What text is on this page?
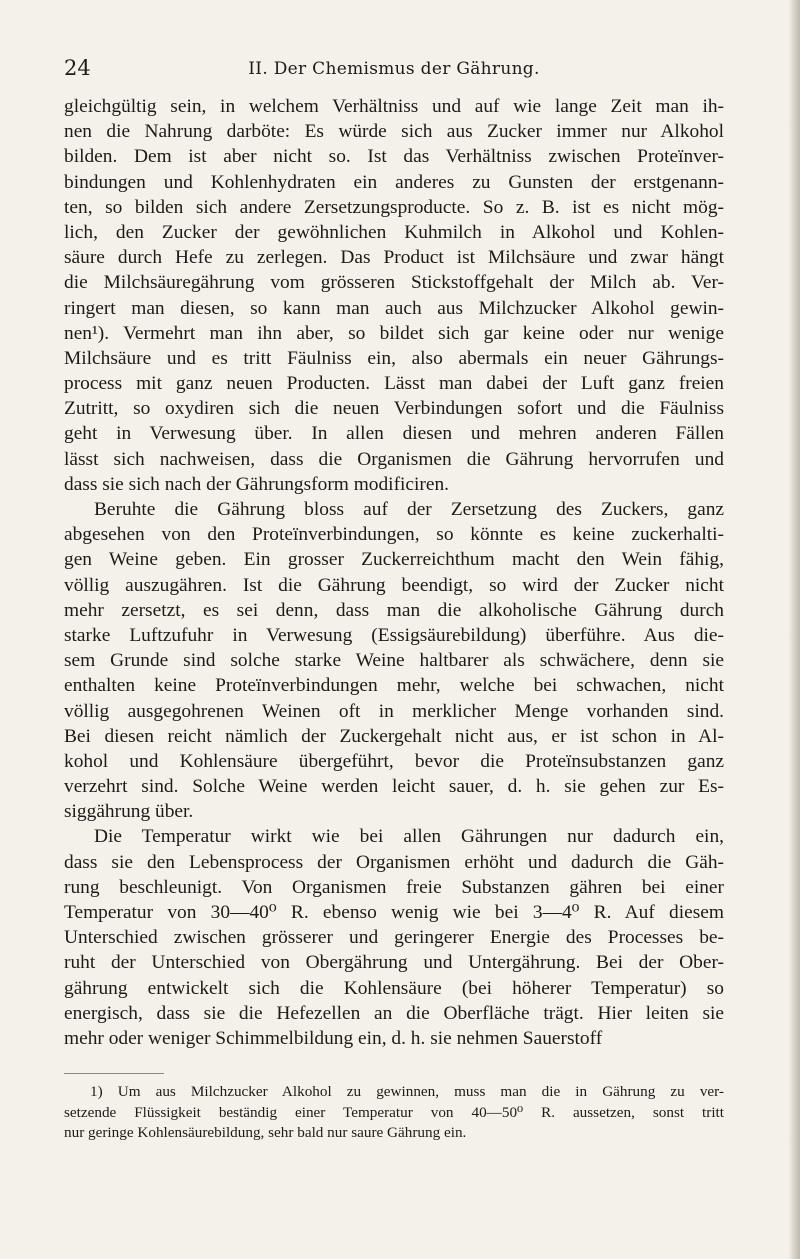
24	II. Der Chemismus der Gährung.
gleichgültig sein, in welchem Verhältniss und auf wie lange Zeit man ih-
nen die Nahrung darböte: Es würde sich aus Zucker immer nur Alkohol
bilden. Dem ist aber nicht so. Ist das Verhältniss zwischen Proteïnver-
bindungen und Kohlenhydraten ein anderes zu Gunsten der erstgenann-
ten, so bilden sich andere Zersetzungsproducte. So z. B. ist es nicht mög-
lich, den Zucker der gewöhnlichen Kuhmilch in Alkohol und Kohlen-
säure durch Hefe zu zerlegen. Das Product ist Milchsäure und zwar hängt
die Milchsäuregährung vom grösseren Stickstoffgehalt der Milch ab. Ver-
ringert man diesen, so kann man auch aus Milchzucker Alkohol gewin-
nen¹). Vermehrt man ihn aber, so bildet sich gar keine oder nur wenige
Milchsäure und es tritt Fäulniss ein, also abermals ein neuer Gährungs-
process mit ganz neuen Producten. Lässt man dabei der Luft ganz freien
Zutritt, so oxydiren sich die neuen Verbindungen sofort und die Fäulniss
geht in Verwesung über. In allen diesen und mehren anderen Fällen
lässt sich nachweisen, dass die Organismen die Gährung hervorrufen und
dass sie sich nach der Gährungsform modificiren.
Beruhte die Gährung bloss auf der Zersetzung des Zuckers, ganz
abgesehen von den Proteïnverbindungen, so könnte es keine zuckerhalti-
gen Weine geben. Ein grosser Zuckerreichthum macht den Wein fähig,
völlig auszugähren. Ist die Gährung beendigt, so wird der Zucker nicht
mehr zersetzt, es sei denn, dass man die alkoholische Gährung durch
starke Luftzufuhr in Verwesung (Essigsäurebildung) überführe. Aus die-
sem Grunde sind solche starke Weine haltbarer als schwächere, denn sie
enthalten keine Proteïnverbindungen mehr, welche bei schwachen, nicht
völlig ausgegohrenen Weinen oft in merklicher Menge vorhanden sind.
Bei diesen reicht nämlich der Zuckergehalt nicht aus, er ist schon in Al-
kohol und Kohlensäure übergeführt, bevor die Proteïnsubstanzen ganz
verzehrt sind. Solche Weine werden leicht sauer, d. h. sie gehen zur Es-
siggährung über.
Die Temperatur wirkt wie bei allen Gährungen nur dadurch ein,
dass sie den Lebensprocess der Organismen erhöht und dadurch die Gäh-
rung beschleunigt. Von Organismen freie Substanzen gähren bei einer
Temperatur von 30—40⁰ R. ebenso wenig wie bei 3—4⁰ R. Auf diesem
Unterschied zwischen grösserer und geringerer Energie des Processes be-
ruht der Unterschied von Obergährung und Untergährung. Bei der Ober-
gährung entwickelt sich die Kohlensäure (bei höherer Temperatur) so
energisch, dass sie die Hefezellen an die Oberfläche trägt. Hier leiten sie
mehr oder weniger Schimmelbildung ein, d. h. sie nehmen Sauerstoff
1) Um aus Milchzucker Alkohol zu gewinnen, muss man die in Gährung zu ver-
setzende Flüssigkeit beständig einer Temperatur von 40—50⁰ R. aussetzen, sonst tritt
nur geringe Kohlensäurebildung, sehr bald nur saure Gährung ein.
